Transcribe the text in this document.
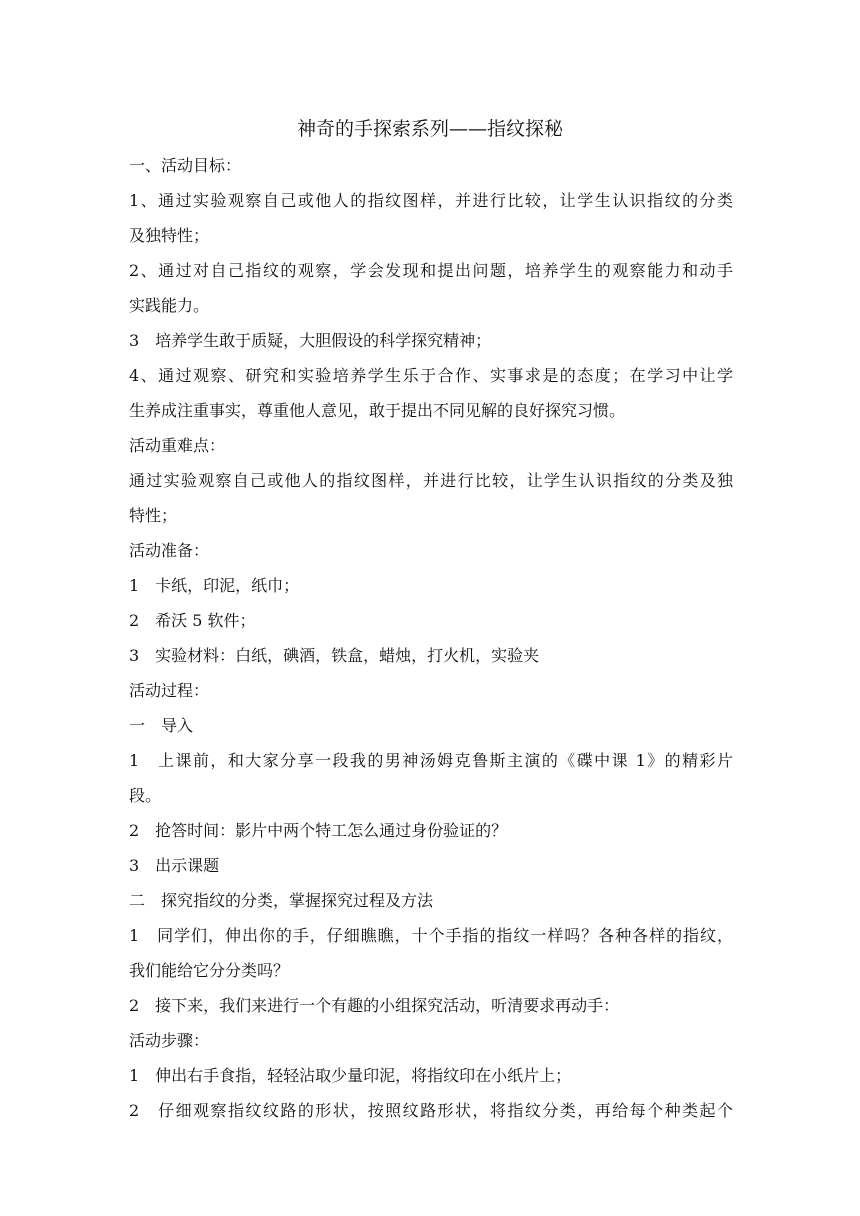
神奇的手探索系列——指纹探秘
一、活动目标：
1、通过实验观察自己或他人的指纹图样，并进行比较，让学生认识指纹的分类
及独特性；
2、通过对自己指纹的观察，学会发现和提出问题，培养学生的观察能力和动手
实践能力。
3　培养学生敢于质疑，大胆假设的科学探究精神；
4、通过观察、研究和实验培养学生乐于合作、实事求是的态度；在学习中让学
生养成注重事实，尊重他人意见，敢于提出不同见解的良好探究习惯。
活动重难点：
通过实验观察自己或他人的指纹图样，并进行比较，让学生认识指纹的分类及独
特性；
活动准备：
1　卡纸，印泥，纸巾；
2　希沃 5 软件；
3　实验材料：白纸，碘酒，铁盒，蜡烛，打火机，实验夹
活动过程：
一　导入
1　上课前，和大家分享一段我的男神汤姆克鲁斯主演的《碟中课 1》的精彩片
段。
2　抢答时间：影片中两个特工怎么通过身份验证的？
3　出示课题
二　探究指纹的分类，掌握探究过程及方法
1　同学们，伸出你的手，仔细瞧瞧，十个手指的指纹一样吗？各种各样的指纹，
我们能给它分分类吗？
2　接下来，我们来进行一个有趣的小组探究活动，听清要求再动手：
活动步骤：
1　伸出右手食指，轻轻沾取少量印泥，将指纹印在小纸片上；
2　仔细观察指纹纹路的形状，按照纹路形状，将指纹分类，再给每个种类起个
